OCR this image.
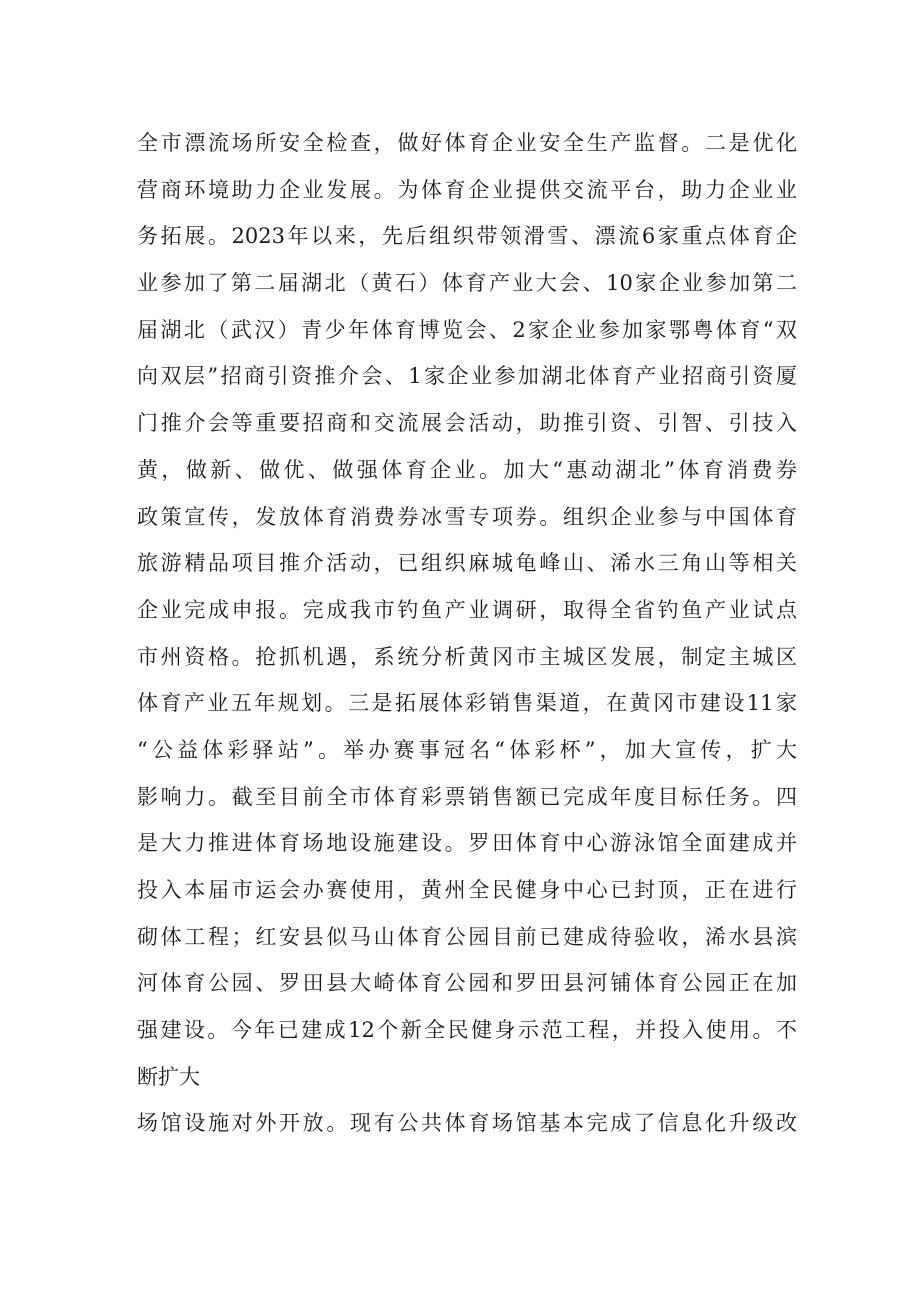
全市漂流场所安全检查，做好体育企业安全生产监督。二是优化
营商环境助力企业发展。为体育企业提供交流平台，助力企业业
务拓展。2023年以来，先后组织带领滑雪、漂流6家重点体育企
业参加了第二届湖北（黄石）体育产业大会、10家企业参加第二
届湖北（武汉）青少年体育博览会、2家企业参加家鄂粤体育“双
向双层”招商引资推介会、1家企业参加湖北体育产业招商引资厦
门推介会等重要招商和交流展会活动，助推引资、引智、引技入
黄，做新、做优、做强体育企业。加大“惠动湖北”体育消费券
政策宣传，发放体育消费券冰雪专项券。组织企业参与中国体育
旅游精品项目推介活动，已组织麻城龟峰山、浠水三角山等相关
企业完成申报。完成我市钓鱼产业调研，取得全省钓鱼产业试点
市州资格。抢抓机遇，系统分析黄冈市主城区发展，制定主城区
体育产业五年规划。三是拓展体彩销售渠道，在黄冈市建设11家
“公益体彩驿站”。举办赛事冠名“体彩杯”，加大宣传，扩大
影响力。截至目前全市体育彩票销售额已完成年度目标任务。四
是大力推进体育场地设施建设。罗田体育中心游泳馆全面建成并
投入本届市运会办赛使用，黄州全民健身中心已封顶，正在进行
砌体工程；红安县似马山体育公园目前已建成待验收，浠水县滨
河体育公园、罗田县大崎体育公园和罗田县河铺体育公园正在加
强建设。今年已建成12个新全民健身示范工程，并投入使用。不
断扩大
场馆设施对外开放。现有公共体育场馆基本完成了信息化升级改
